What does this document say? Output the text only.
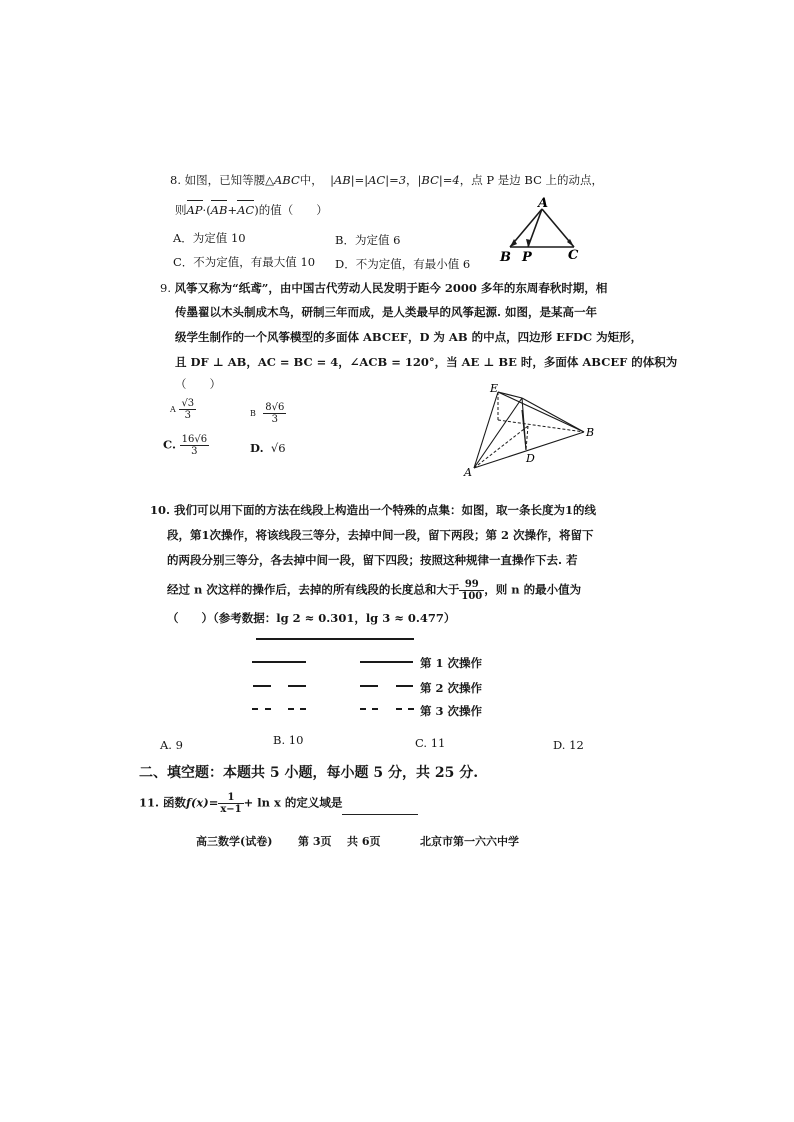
8. 如图，已知等腰△ABC中， |AB|=|AC|=3，|BC|=4，点 P 是边 BC 上的动点，
则AP·(AB+AC)的值（　　）
A．为定值 10	B．为定值 6
C．不为定值，有最大值 10 D．不为定值，有最小值 6
A
B P	C
9. 风筝又称为“纸鸢”，由中国古代劳动人民发明于距今 2000 多年的东周春秋时期，相
传墨翟以木头制成木鸟，研制三年而成，是人类最早的风筝起源. 如图，是某高一年
级学生制作的一个风筝模型的多面体 ABCEF，D 为 AB 的中点，四边形 EFDC 为矩形，
且 DF ⊥ AB，AC = BC = 4，∠ACB = 120°，当 AE ⊥ BE 时，多面体 ABCEF 的体积为
（　　）
A $\frac{√3}{3}$	B $\frac{8√6}{3}$
C. $\frac{16√6}{3}$	D. √6
E
B
D
A
10. 我们可以用下面的方法在线段上构造出一个特殊的点集：如图，取一条长度为1的线
段，第1次操作，将该线段三等分，去掉中间一段，留下两段；第 2 次操作，将留下
的两段分别三等分，各去掉中间一段，留下四段；按照这种规律一直操作下去. 若
经过 n 次这样的操作后，去掉的所有线段的长度总和大于 $\frac{99}{100}$ ，则 n 的最小值为
（　　）（参考数据：lg 2 ≈ 0.301，lg 3 ≈ 0.477）
第 1 次操作
第 2 次操作
第 3 次操作
A. 9	B. 10	C. 11	D. 12
二、填空题：本题共 5 小题，每小题 5 分，共 25 分.
11. 函数$f(x)= \frac{1}{x-1} + \ln x$ 的定义域是
高三数学(试卷) 第 3页 共 6页	北京市第一六六中学
